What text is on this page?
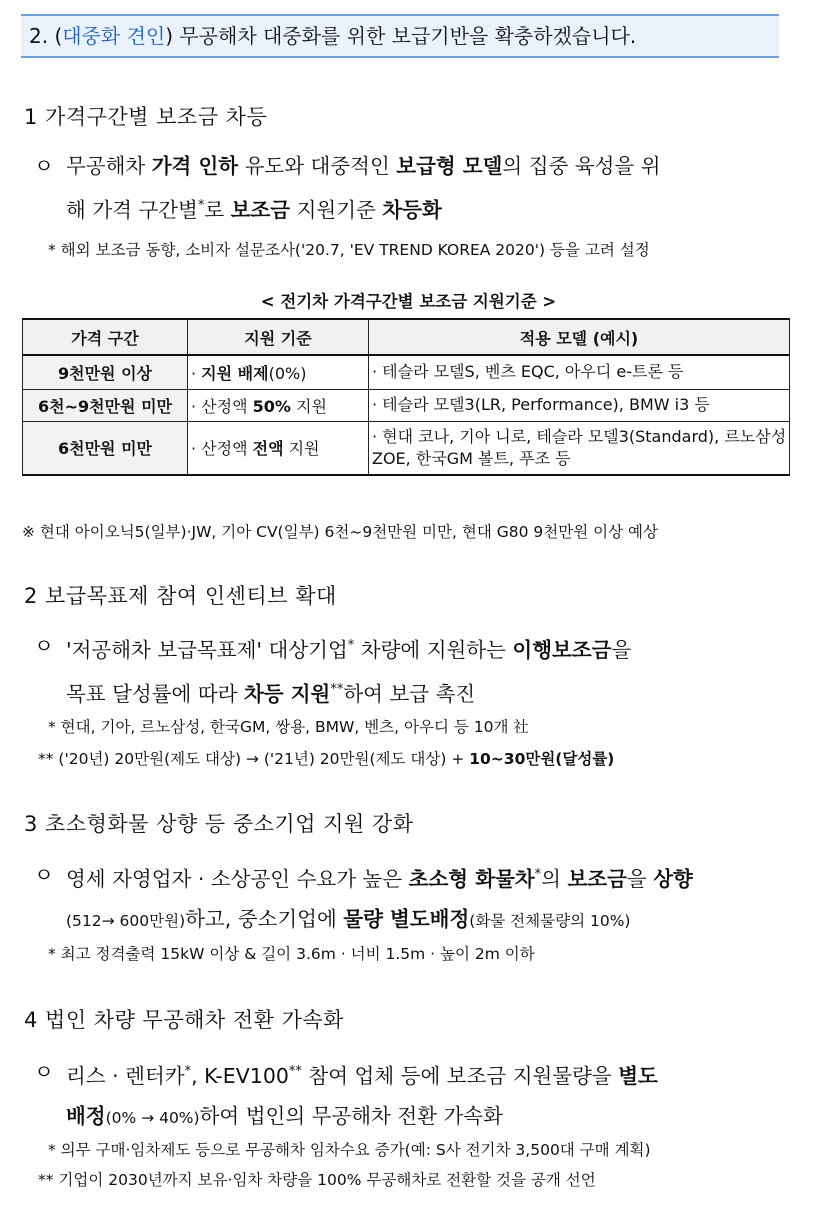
2. (대중화 견인) 무공해차 대중화를 위한 보급기반을 확충하겠습니다.
1 가격구간별 보조금 차등
ㅇ 무공해차 가격 인하 유도와 대중적인 보급형 모델의 집중 육성을 위
해 가격 구간별*로 보조금 지원기준 차등화
* 해외 보조금 동향, 소비자 설문조사('20.7, 'EV TREND KOREA 2020') 등을 고려 설정
< 전기차 가격구간별 보조금 지원기준 >
가격 구간	지원 기준	적용 모델 (예시)
9천만원 이상	· 지원 배제(0%)	· 테슬라 모델S, 벤츠 EQC, 아우디 e-트론 등
6천~9천만원 미만	· 산정액 50% 지원	· 테슬라 모델3(LR, Performance), BMW i3 등
6천만원 미만	· 산정액 전액 지원	· 현대 코나, 기아 니로, 테슬라 모델3(Standard), 르노삼성 ZOE, 한국GM 볼트, 푸조 등
※ 현대 아이오닉5(일부)·JW, 기아 CV(일부) 6천~9천만원 미만, 현대 G80 9천만원 이상 예상
2 보급목표제 참여 인센티브 확대
ㅇ '저공해차 보급목표제' 대상기업* 차량에 지원하는 이행보조금을
목표 달성률에 따라 차등 지원**하여 보급 촉진
* 현대, 기아, 르노삼성, 한국GM, 쌍용, BMW, 벤츠, 아우디 등 10개 社
** ('20년) 20만원(제도 대상) → ('21년) 20만원(제도 대상) + 10~30만원(달성률)
3 초소형화물 상향 등 중소기업 지원 강화
ㅇ 영세 자영업자 · 소상공인 수요가 높은 초소형 화물차*의 보조금을 상향
(512→ 600만원)하고, 중소기업에 물량 별도배정(화물 전체물량의 10%)
* 최고 정격출력 15kW 이상 & 길이 3.6m · 너비 1.5m · 높이 2m 이하
4 법인 차량 무공해차 전환 가속화
ㅇ 리스 · 렌터카*, K-EV100** 참여 업체 등에 보조금 지원물량을 별도
배정(0% → 40%)하여 법인의 무공해차 전환 가속화
* 의무 구매·임차제도 등으로 무공해차 임차수요 증가(예: S사 전기차 3,500대 구매 계획)
** 기업이 2030년까지 보유·임차 차량을 100% 무공해차로 전환할 것을 공개 선언
